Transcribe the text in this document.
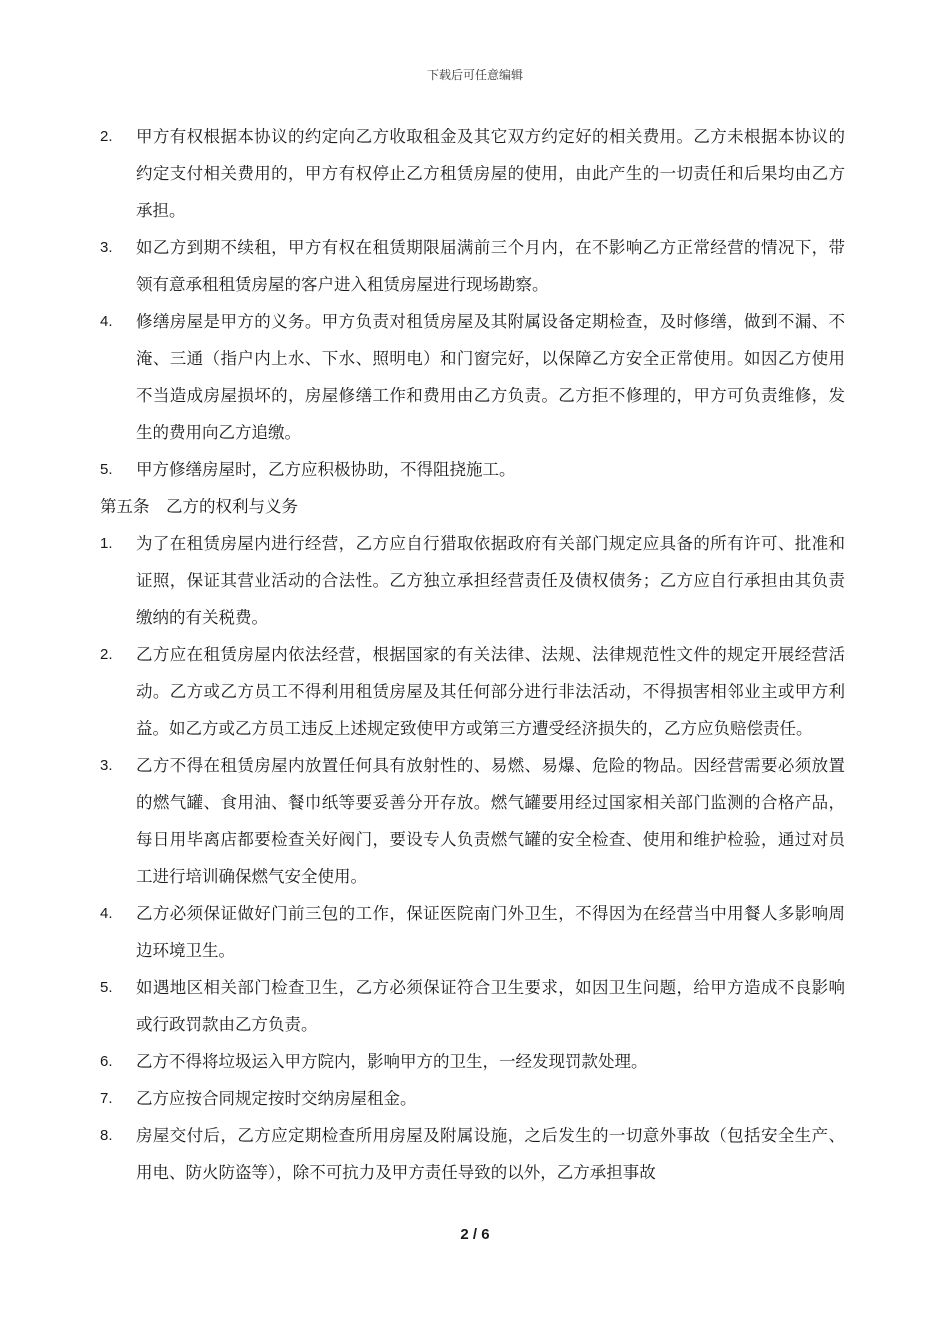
下载后可任意编辑
2.	甲方有权根据本协议的约定向乙方收取租金及其它双方约定好的相关费用。乙方未根据本协议的约定支付相关费用的，甲方有权停止乙方租赁房屋的使用，由此产生的一切责任和后果均由乙方承担。
3.	如乙方到期不续租，甲方有权在租赁期限届满前三个月内，在不影响乙方正常经营的情况下，带领有意承租租赁房屋的客户进入租赁房屋进行现场勘察。
4.	修缮房屋是甲方的义务。甲方负责对租赁房屋及其附属设备定期检查，及时修缮，做到不漏、不淹、三通（指户内上水、下水、照明电）和门窗完好，以保障乙方安全正常使用。如因乙方使用不当造成房屋损坏的，房屋修缮工作和费用由乙方负责。乙方拒不修理的，甲方可负责维修，发生的费用向乙方追缴。
5.	甲方修缮房屋时，乙方应积极协助，不得阻挠施工。
第五条　乙方的权利与义务
1.	为了在租赁房屋内进行经营，乙方应自行猎取依据政府有关部门规定应具备的所有许可、批准和证照，保证其营业活动的合法性。乙方独立承担经营责任及债权债务；乙方应自行承担由其负责缴纳的有关税费。
2.	乙方应在租赁房屋内依法经营，根据国家的有关法律、法规、法律规范性文件的规定开展经营活动。乙方或乙方员工不得利用租赁房屋及其任何部分进行非法活动，不得损害相邻业主或甲方利益。如乙方或乙方员工违反上述规定致使甲方或第三方遭受经济损失的，乙方应负赔偿责任。
3.	乙方不得在租赁房屋内放置任何具有放射性的、易燃、易爆、危险的物品。因经营需要必须放置的燃气罐、食用油、餐巾纸等要妥善分开存放。燃气罐要用经过国家相关部门监测的合格产品，每日用毕离店都要检查关好阀门，要设专人负责燃气罐的安全检查、使用和维护检验，通过对员工进行培训确保燃气安全使用。
4.	乙方必须保证做好门前三包的工作，保证医院南门外卫生，不得因为在经营当中用餐人多影响周边环境卫生。
5.	如遇地区相关部门检查卫生，乙方必须保证符合卫生要求，如因卫生问题，给甲方造成不良影响或行政罚款由乙方负责。
6.	乙方不得将垃圾运入甲方院内，影响甲方的卫生，一经发现罚款处理。
7.	乙方应按合同规定按时交纳房屋租金。
8.	房屋交付后，乙方应定期检查所用房屋及附属设施，之后发生的一切意外事故（包括安全生产、用电、防火防盗等），除不可抗力及甲方责任导致的以外，乙方承担事故
2 / 6
